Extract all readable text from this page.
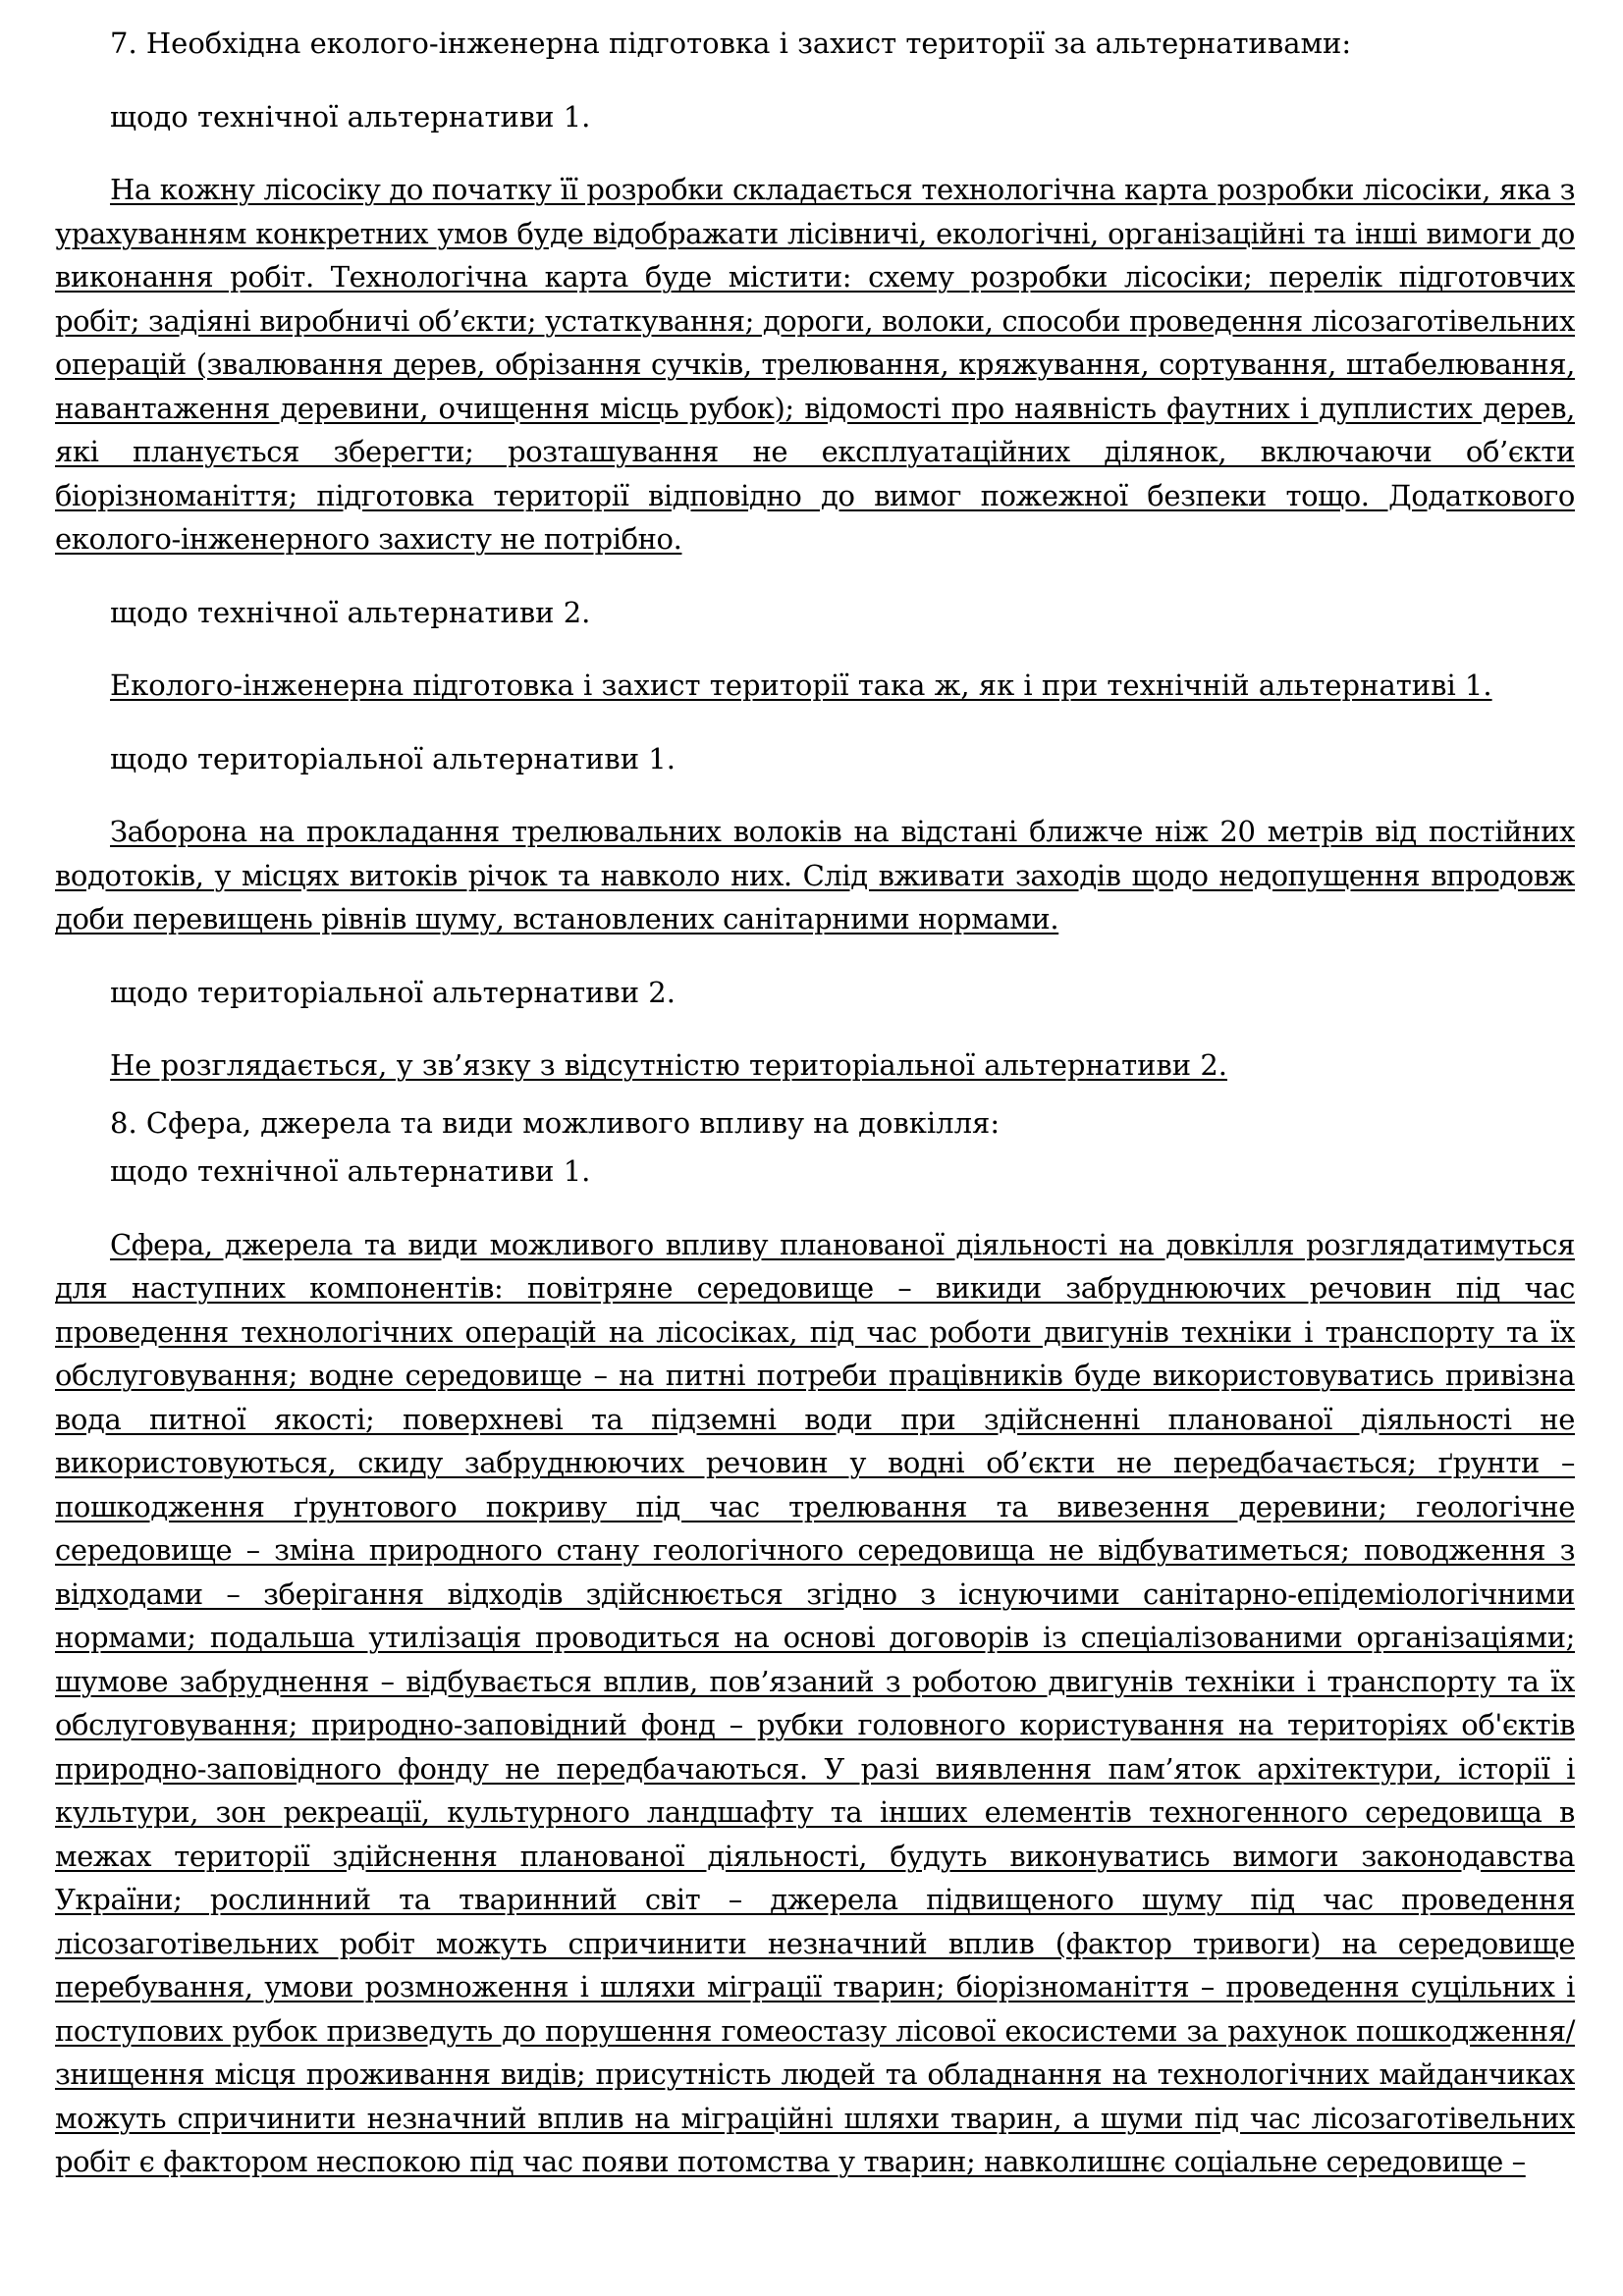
7. Необхідна еколого-інженерна підготовка і захист території за альтернативами:

щодо технічної альтернативи 1.

На кожну лісосіку до початку її розробки складається технологічна карта розробки лісосіки, яка з урахуванням конкретних умов буде відображати лісівничі, екологічні, організаційні та інші вимоги до виконання робіт. Технологічна карта буде містити: схему розробки лісосіки; перелік підготовчих робіт; задіяні виробничі об’єкти; устаткування; дороги, волоки, способи проведення лісозаготівельних операцій (звалювання дерев, обрізання сучків, трелювання, кряжування, сортування, штабелювання, навантаження деревини, очищення місць рубок); відомості про наявність фаутних і дуплистих дерев, які планується зберегти; розташування не експлуатаційних ділянок, включаючи об’єкти біорізноманіття; підготовка території відповідно до вимог пожежної безпеки тощо. Додаткового еколого-інженерного захисту не потрібно.

щодо технічної альтернативи 2.

Еколого-інженерна підготовка і захист території така ж, як і при технічній альтернативі 1.

щодо територіальної альтернативи 1.

Заборона на прокладання трелювальних волоків на відстані ближче ніж 20 метрів від постійних водотоків, у місцях витоків річок та навколо них. Слід вживати заходів щодо недопущення впродовж доби перевищень рівнів шуму, встановлених санітарними нормами.

щодо територіальної альтернативи 2.

Не розглядається, у зв’язку з відсутністю територіальної альтернативи 2.

8. Сфера, джерела та види можливого впливу на довкілля:

щодо технічної альтернативи 1.

Сфера, джерела та види можливого впливу планованої діяльності на довкілля розглядатимуться для наступних компонентів: повітряне середовище – викиди забруднюючих речовин під час проведення технологічних операцій на лісосіках, під час роботи двигунів техніки і транспорту та їх обслуговування; водне середовище – на питні потреби працівників буде використовуватись привізна вода питної якості; поверхневі та підземні води при здійсненні планованої діяльності не використовуються, скиду забруднюючих речовин у водні об’єкти не передбачається; ґрунти – пошкодження ґрунтового покриву під час трелювання та вивезення деревини; геологічне середовище – зміна природного стану геологічного середовища не відбуватиметься; поводження з відходами – зберігання відходів здійснюється згідно з існуючими санітарно-епідеміологічними нормами; подальша утилізація проводиться на основі договорів із спеціалізованими організаціями; шумове забруднення – відбувається вплив, пов’язаний з роботою двигунів техніки і транспорту та їх обслуговування; природно-заповідний фонд – рубки головного користування на територіях об'єктів природно-заповідного фонду не передбачаються. У разі виявлення пам’яток архітектури, історії і культури, зон рекреації, культурного ландшафту та інших елементів техногенного середовища в межах території здійснення планованої діяльності, будуть виконуватись вимоги законодавства України; рослинний та тваринний світ – джерела підвищеного шуму під час проведення лісозаготівельних робіт можуть спричинити незначний вплив (фактор тривоги) на середовище перебування, умови розмноження і шляхи міграції тварин; біорізноманіття – проведення суцільних і поступових рубок призведуть до порушення гомеостазу лісової екосистеми за рахунок пошкодження/знищення місця проживання видів; присутність людей та обладнання на технологічних майданчиках можуть спричинити незначний вплив на міграційні шляхи тварин, а шуми під час лісозаготівельних робіт є фактором неспокою під час появи потомства у тварин; навколишнє соціальне середовище –
